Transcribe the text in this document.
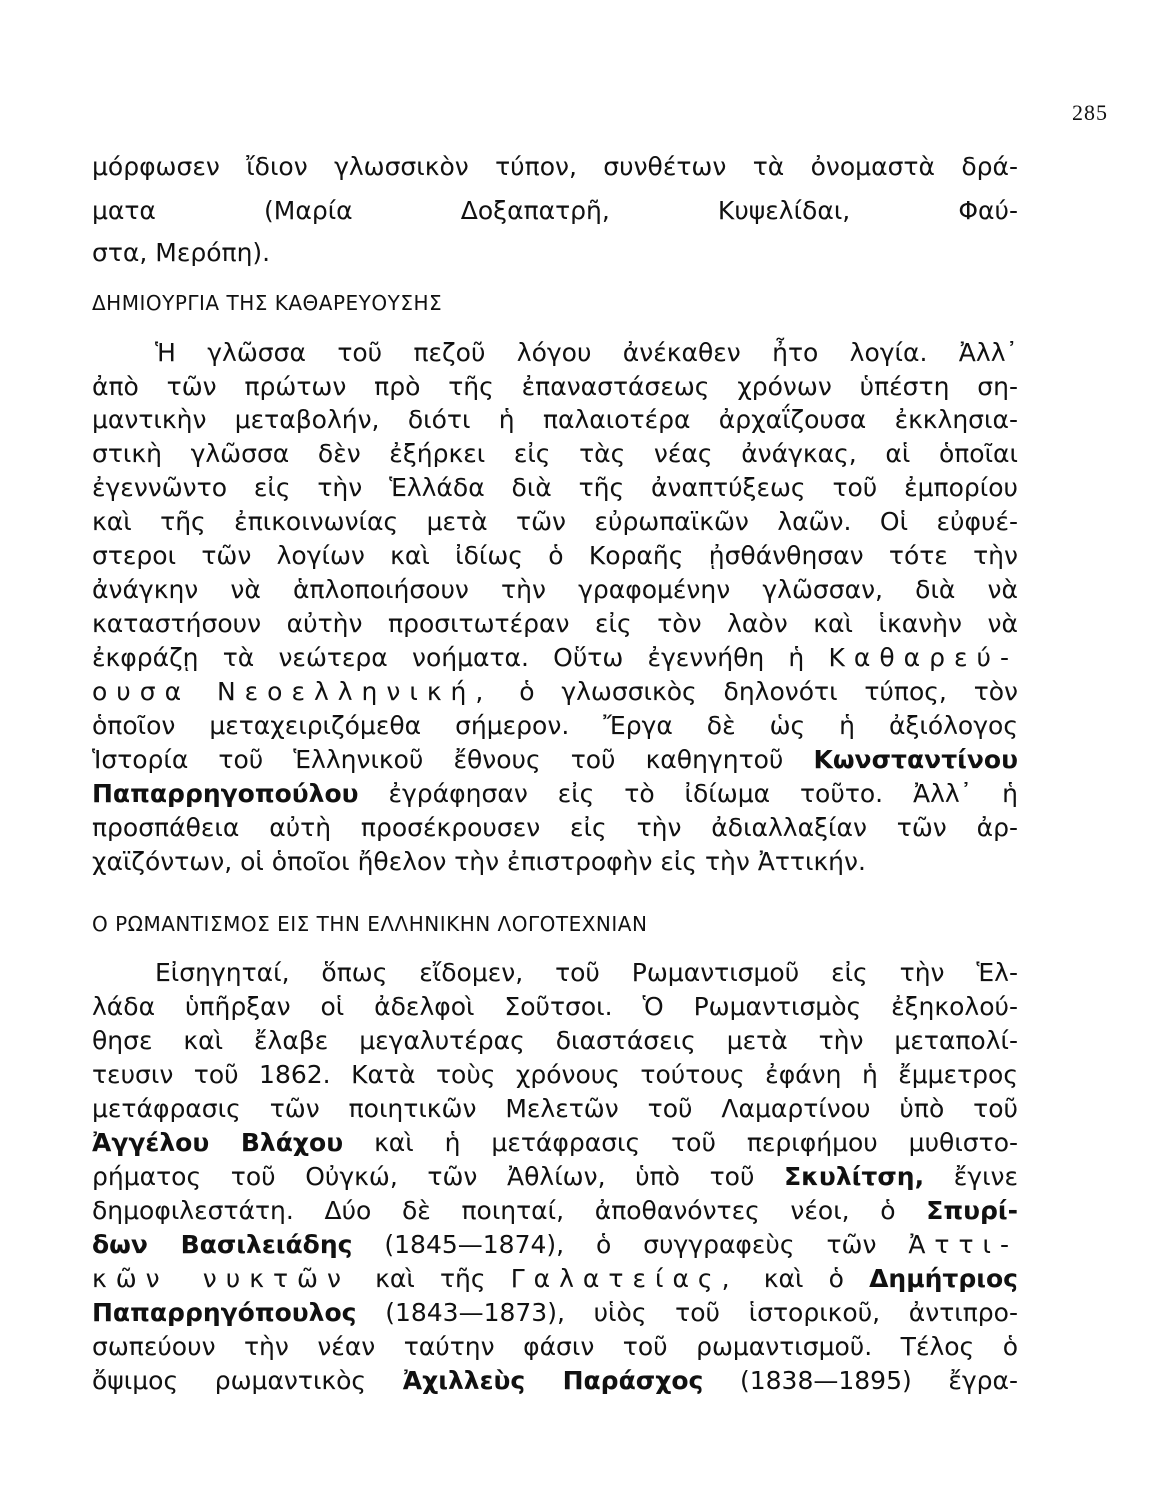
285
μόρφωσεν ἴδιον γλωσσικὸν τύπον, συνθέτων τὰ ὀνομαστὰ δρά-
ματα (Μαρία Δοξαπατρῆ, Κυψελίδαι, Φαύ-
στα, Μερόπη).
ΔΗΜΙΟΥΡΓΙΑ ΤΗΣ ΚΑΘΑΡΕΥΟΥΣΗΣ
Ἡ γλῶσσα τοῦ πεζοῦ λόγου ἀνέκαθεν ἦτο λογία. Ἀλλ᾽
ἀπὸ τῶν πρώτων πρὸ τῆς ἐπαναστάσεως χρόνων ὑπέστη ση-
μαντικὴν μεταβολήν, διότι ἡ παλαιοτέρα ἀρχαΐζουσα ἐκκλησια-
στικὴ γλῶσσα δὲν ἐξήρκει εἰς τὰς νέας ἀνάγκας, αἱ ὁποῖαι
ἐγεννῶντο εἰς τὴν Ἑλλάδα διὰ τῆς ἀναπτύξεως τοῦ ἐμπορίου
καὶ τῆς ἐπικοινωνίας μετὰ τῶν εὐρωπαϊκῶν λαῶν. Οἱ εὐφυέ-
στεροι τῶν λογίων καὶ ἰδίως ὁ Κοραῆς ᾐσθάνθησαν τότε τὴν
ἀνάγκην νὰ ἁπλοποιήσουν τὴν γραφομένην γλῶσσαν, διὰ νὰ
καταστήσουν αὐτὴν προσιτωτέραν εἰς τὸν λαὸν καὶ ἱκανὴν νὰ
ἐκφράζῃ τὰ νεώτερα νοήματα. Οὕτω ἐγεννήθη ἡ Καθαρεύ-
ουσα Νεοελληνική, ὁ γλωσσικὸς δηλονότι τύπος, τὸν
ὁποῖον μεταχειριζόμεθα σήμερον. Ἔργα δὲ ὡς ἡ ἀξιόλογος
Ἱστορία τοῦ Ἑλληνικοῦ ἔθνους τοῦ καθηγητοῦ Κωνσταντίνου
Παπαρρηγοπούλου ἐγράφησαν εἰς τὸ ἰδίωμα τοῦτο. Ἀλλ᾽ ἡ
προσπάθεια αὐτὴ προσέκρουσεν εἰς τὴν ἀδιαλλαξίαν τῶν ἀρ-
χαϊζόντων, οἱ ὁποῖοι ἤθελον τὴν ἐπιστροφὴν εἰς τὴν Ἀττικήν.
Ο ΡΩΜΑΝΤΙΣΜΟΣ ΕΙΣ ΤΗΝ ΕΛΛΗΝΙΚΗΝ ΛΟΓΟΤΕΧΝΙΑΝ
Εἰσηγηταί, ὅπως εἴδομεν, τοῦ Ρωμαντισμοῦ εἰς τὴν Ἑλ-
λάδα ὑπῆρξαν οἱ ἀδελφοὶ Σοῦτσοι. Ὁ Ρωμαντισμὸς ἐξηκολού-
θησε καὶ ἔλαβε μεγαλυτέρας διαστάσεις μετὰ τὴν μεταπολί-
τευσιν τοῦ 1862. Κατὰ τοὺς χρόνους τούτους ἐφάνη ἡ ἔμμετρος
μετάφρασις τῶν ποιητικῶν Μελετῶν τοῦ Λαμαρτίνου ὑπὸ τοῦ
Ἀγγέλου Βλάχου καὶ ἡ μετάφρασις τοῦ περιφήμου μυθιστο-
ρήματος τοῦ Οὐγκώ, τῶν Ἀθλίων, ὑπὸ τοῦ Σκυλίτση, ἔγινε
δημοφιλεστάτη. Δύο δὲ ποιηταί, ἀποθανόντες νέοι, ὁ Σπυρί-
δων Βασιλειάδης (1845—1874), ὁ συγγραφεὺς τῶν Ἀττι-
κῶν νυκτῶν καὶ τῆς Γαλατείας, καὶ ὁ Δημήτριος
Παπαρρηγόπουλος (1843—1873), υἱὸς τοῦ ἱστορικοῦ, ἀντιπρο-
σωπεύουν τὴν νέαν ταύτην φάσιν τοῦ ρωμαντισμοῦ. Τέλος ὁ
ὄψιμος ρωμαντικὸς Ἀχιλλεὺς Παράσχος (1838—1895) ἔγρα-
